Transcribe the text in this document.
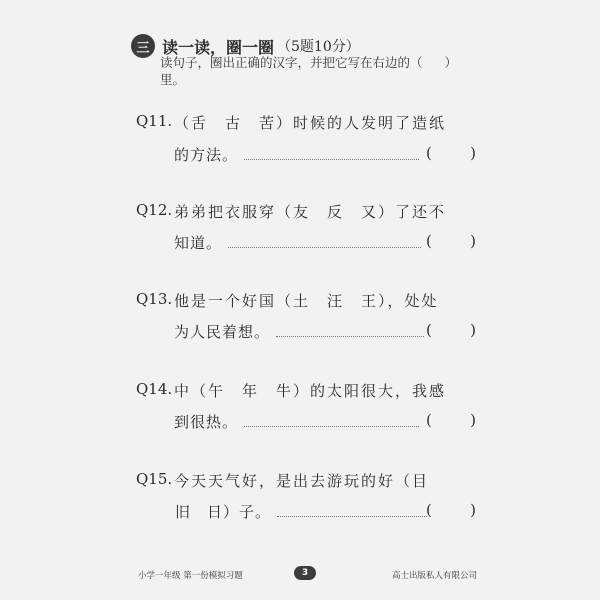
三 读一读，圈一圈 （5题10分）
读句子，圈出正确的汉字，并把它写在右边的（ ）
里。
Q11. （舌　古　苦）时候的人发明了造纸
的方法。	(	)
Q12. 弟弟把衣服穿（友　反　又）了还不
知道。	(	)
Q13. 他是一个好国（土　汪　王），处处
为人民着想。	(	)
Q14. 中（午　年　牛）的太阳很大，我感
到很热。	(	)
Q15. 今天天气好，是出去游玩的好（目
旧　日）子。	(	)
小学一年级 第一份模拟习题	3	高士出版私人有限公司
